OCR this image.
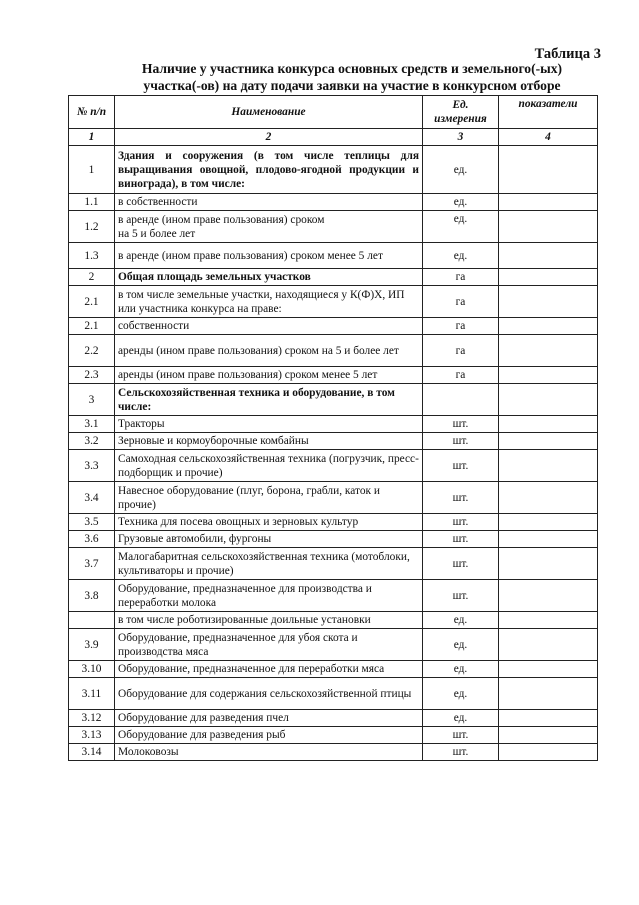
Таблица 3
Наличие у участника конкурса основных средств и земельного(-ых)
участка(-ов) на дату подачи заявки на участие в конкурсном отборе
№ п/п	Наименование	Ед. измерения	показатели
1	2	3	4
1	Здания и сооружения (в том числе теплицы для выращивания овощной, плодово-ягодной продукции и винограда), в том числе:	ед.	
1.1	в собственности	ед.	
1.2	в аренде (ином праве пользования) сроком на 5 и более лет	ед.	
1.3	в аренде (ином праве пользования) сроком менее 5 лет	ед.	
2	Общая площадь земельных участков	га	
2.1	в том числе земельные участки, находящиеся у К(Ф)Х, ИП или участника конкурса на праве:	га	
2.1	собственности	га	
2.2	аренды (ином праве пользования) сроком на 5 и более лет	га	
2.3	аренды (ином праве пользования) сроком менее 5 лет	га	
3	Сельскохозяйственная техника и оборудование, в том числе:		
3.1	Тракторы	шт.	
3.2	Зерновые и кормоуборочные комбайны	шт.	
3.3	Самоходная сельскохозяйственная техника (погрузчик, пресс-подборщик и прочие)	шт.	
3.4	Навесное оборудование (плуг, борона, грабли, каток и прочие)	шт.	
3.5	Техника для посева овощных и зерновых культур	шт.	
3.6	Грузовые автомобили, фургоны	шт.	
3.7	Малогабаритная сельскохозяйственная техника (мотоблоки, культиваторы и прочие)	шт.	
3.8	Оборудование, предназначенное для производства и переработки молока	шт.	
	в том числе роботизированные доильные установки	ед.	
3.9	Оборудование, предназначенное для убоя скота и производства мяса	ед.	
3.10	Оборудование, предназначенное для переработки мяса	ед.	
3.11	Оборудование для содержания сельскохозяйственной птицы	ед.	
3.12	Оборудование для разведения пчел	ед.	
3.13	Оборудование для разведения рыб	шт.	
3.14	Молоковозы	шт.	
